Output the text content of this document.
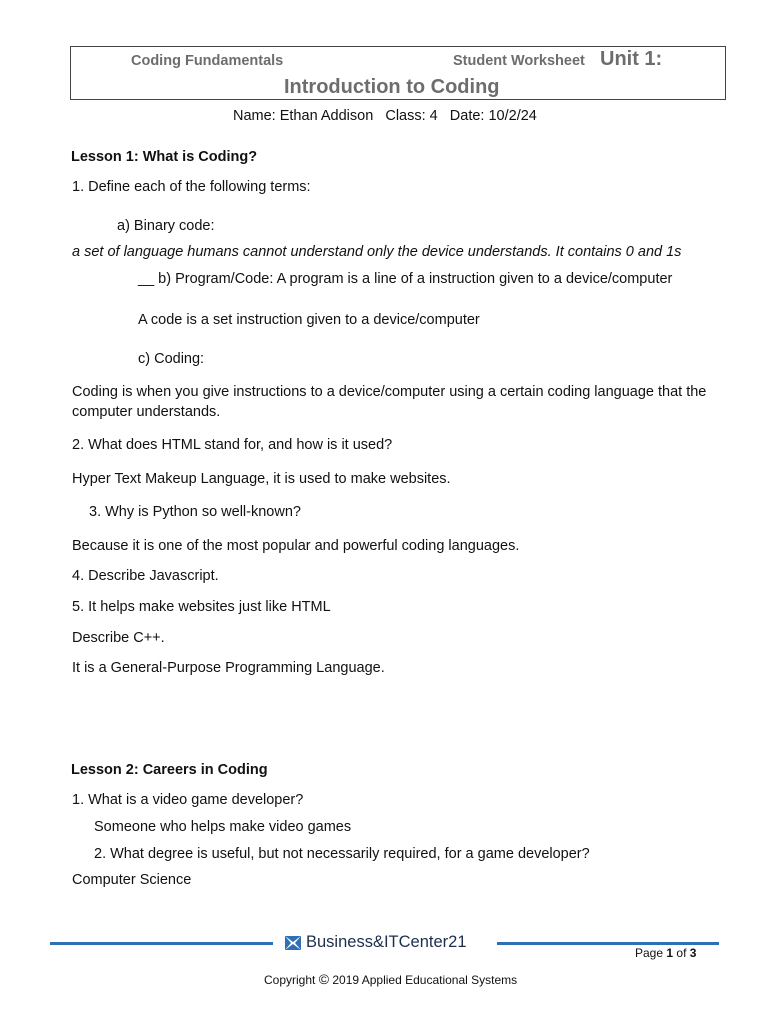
Coding Fundamentals	Student Worksheet Unit 1:
Introduction to Coding
Name: Ethan Addison   Class: 4   Date: 10/2/24
Lesson 1: What is Coding?
1. Define each of the following terms:
a) Binary code:
a set of language humans cannot understand only the device understands. It contains 0 and 1s
__ b) Program/Code: A program is a line of a instruction given to a device/computer
A code is a set instruction given to a device/computer
c) Coding:
Coding is when you give instructions to a device/computer using a certain coding language that the computer understands.
2. What does HTML stand for, and how is it used?
Hyper Text Makeup Language, it is used to make websites.
3. Why is Python so well-known?
Because it is one of the most popular and powerful coding languages.
4. Describe Javascript.
5. It helps make websites just like HTML
Describe C++.
It is a General-Purpose Programming Language.
Lesson 2: Careers in Coding
1. What is a video game developer?
Someone who helps make video games
2. What degree is useful, but not necessarily required, for a game developer?
Computer Science
Business&ITCenter21
Page 1 of 3
Copyright © 2019 Applied Educational Systems
